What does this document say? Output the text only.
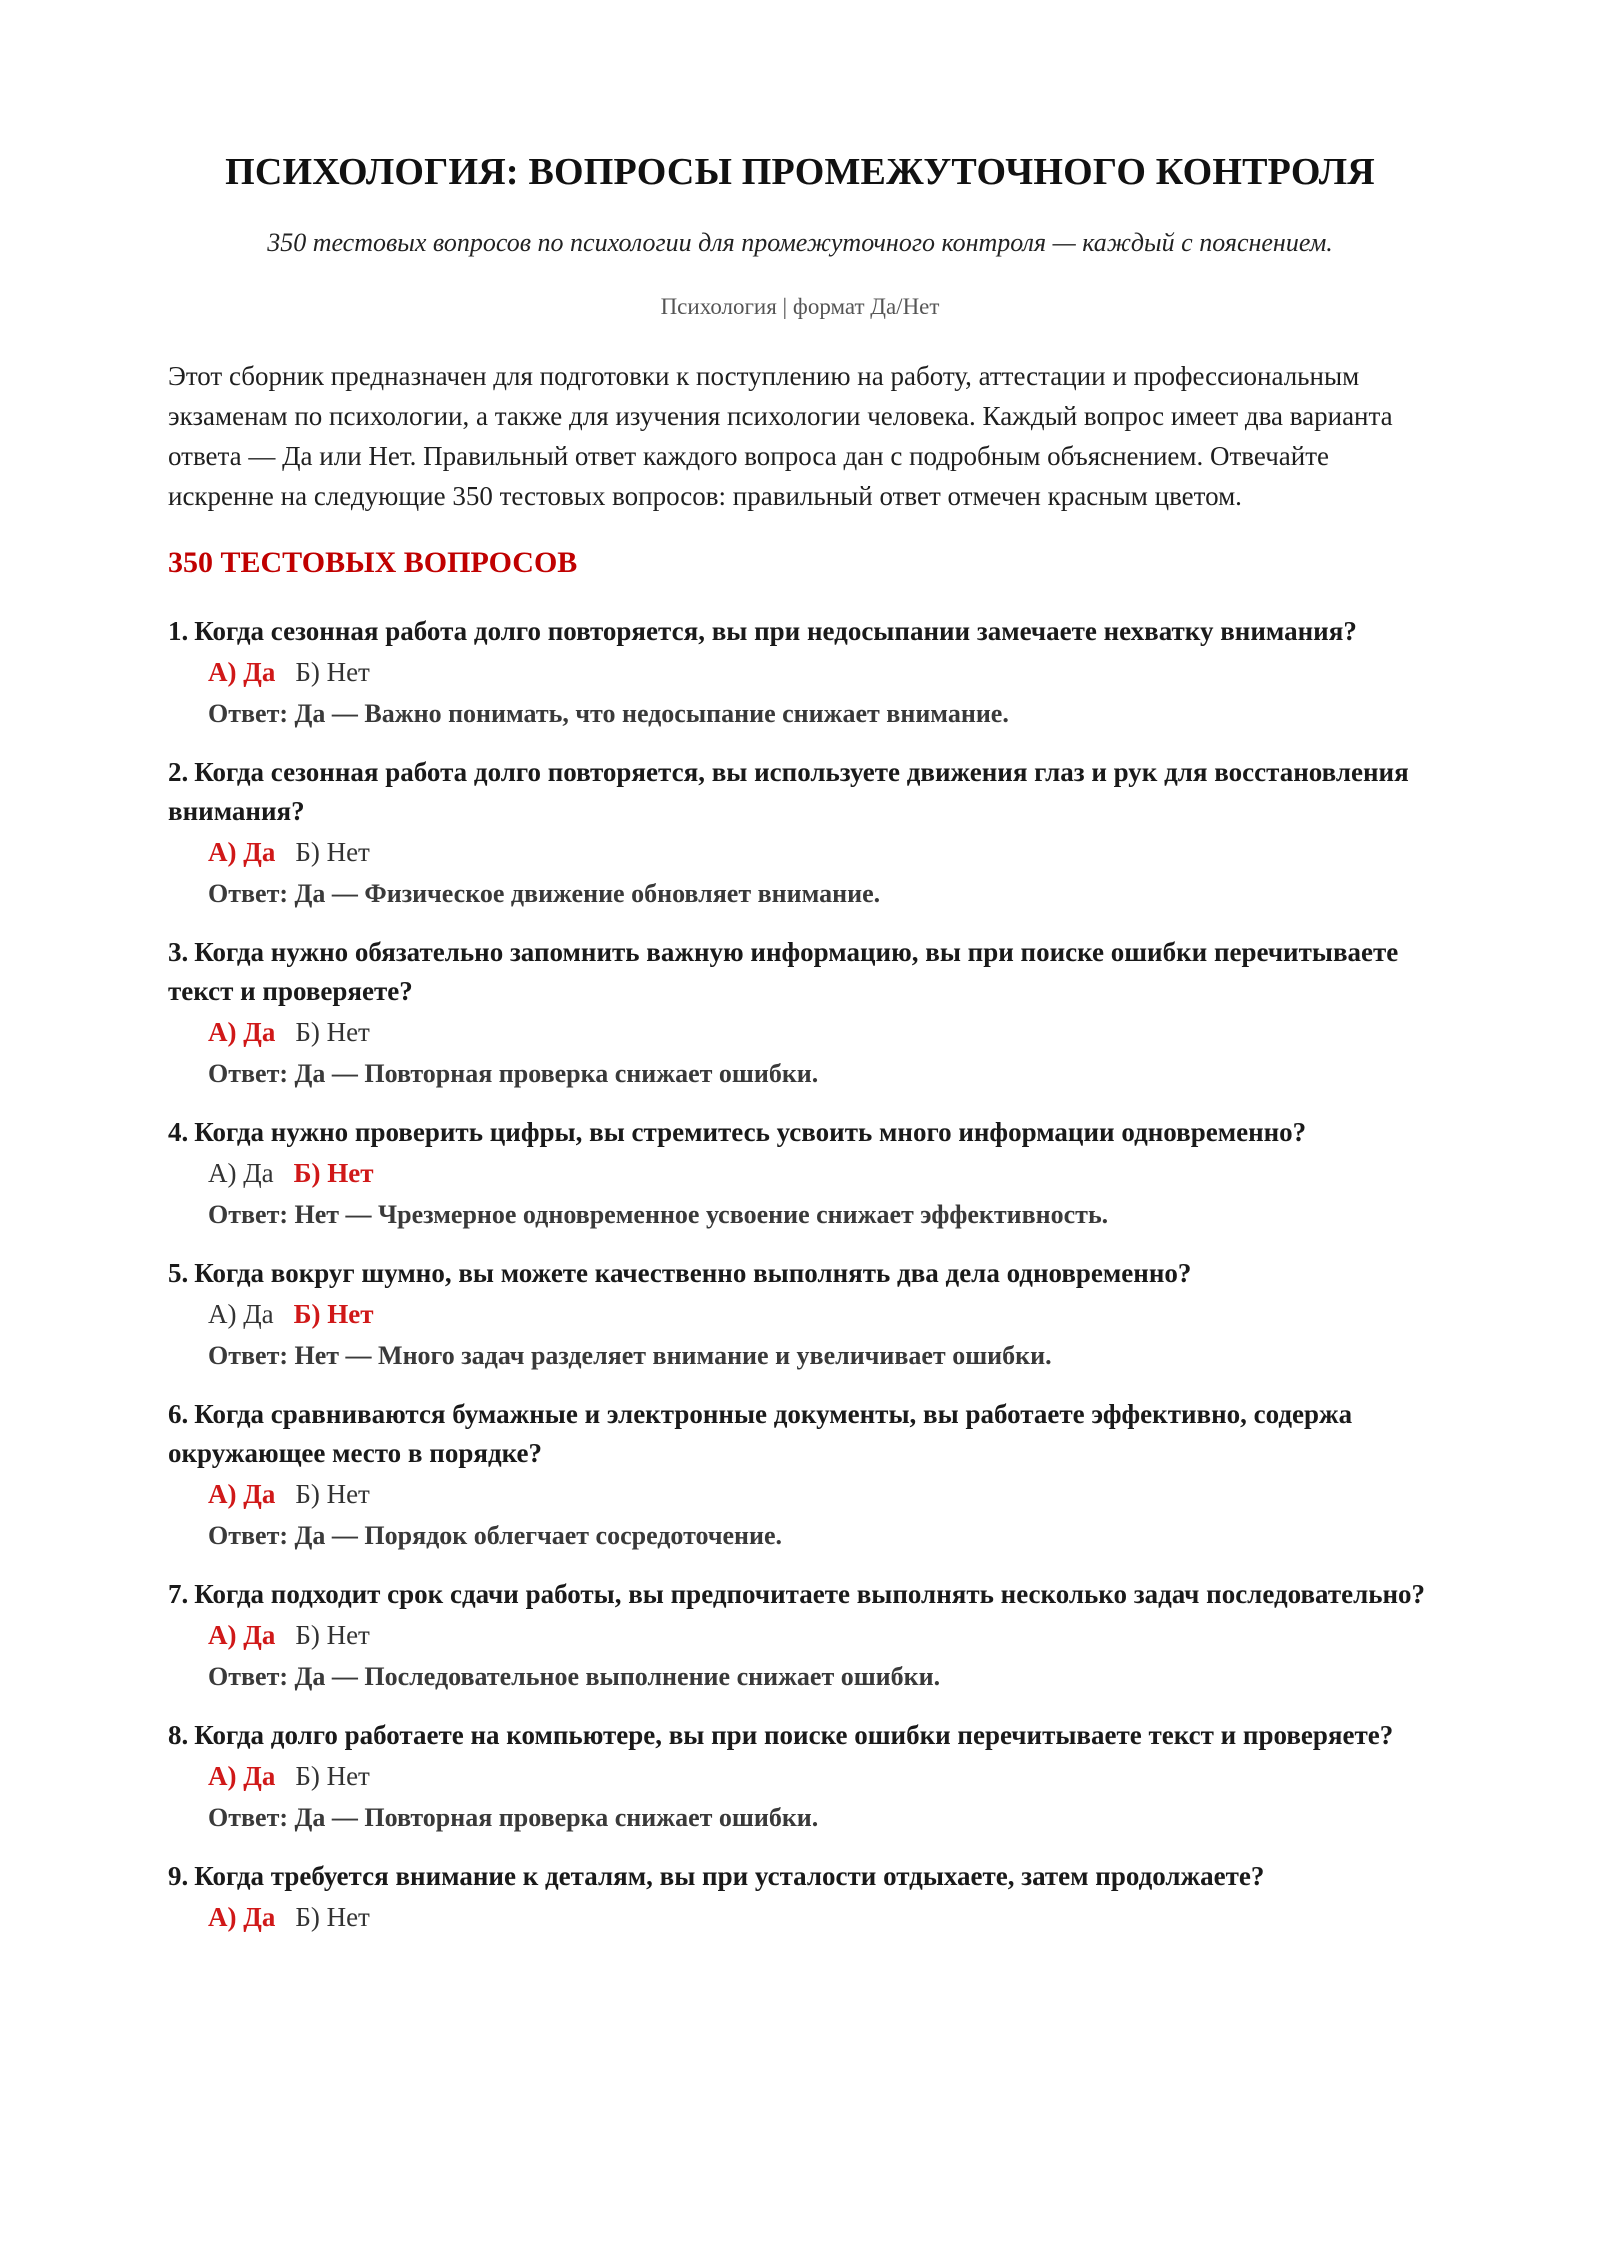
ПСИХОЛОГИЯ: ВОПРОСЫ ПРОМЕЖУТОЧНОГО КОНТРОЛЯ

350 тестовых вопросов по психологии для промежуточного контроля — каждый с пояснением.

Психология | формат Да/Нет

Этот сборник предназначен для подготовки к поступлению на работу, аттестации и профессиональным экзаменам по психологии, а также для изучения психологии человека. Каждый вопрос имеет два варианта ответа — Да или Нет. Правильный ответ каждого вопроса дан с подробным объяснением. Отвечайте искренне на следующие 350 тестовых вопросов: правильный ответ отмечен красным цветом.

350 ТЕСТОВЫХ ВОПРОСОВ
1. Когда сезонная работа долго повторяется, вы при недосыпании замечаете нехватку внимания?
А) Да Б) Нет
Ответ: Да — Важно понимать, что недосыпание снижает внимание.
2. Когда сезонная работа долго повторяется, вы используете движения глаз и рук для восстановления внимания?
А) Да Б) Нет
Ответ: Да — Физическое движение обновляет внимание.
3. Когда нужно обязательно запомнить важную информацию, вы при поиске ошибки перечитываете текст и проверяете?
А) Да Б) Нет
Ответ: Да — Повторная проверка снижает ошибки.
4. Когда нужно проверить цифры, вы стремитесь усвоить много информации одновременно?
А) Да Б) Нет
Ответ: Нет — Чрезмерное одновременное усвоение снижает эффективность.
5. Когда вокруг шумно, вы можете качественно выполнять два дела одновременно?
А) Да Б) Нет
Ответ: Нет — Много задач разделяет внимание и увеличивает ошибки.
6. Когда сравниваются бумажные и электронные документы, вы работаете эффективно, содержа окружающее место в порядке?
А) Да Б) Нет
Ответ: Да — Порядок облегчает сосредоточение.
7. Когда подходит срок сдачи работы, вы предпочитаете выполнять несколько задач последовательно?
А) Да Б) Нет
Ответ: Да — Последовательное выполнение снижает ошибки.
8. Когда долго работаете на компьютере, вы при поиске ошибки перечитываете текст и проверяете?
А) Да Б) Нет
Ответ: Да — Повторная проверка снижает ошибки.
9. Когда требуется внимание к деталям, вы при усталости отдыхаете, затем продолжаете?
А) Да Б) Нет
